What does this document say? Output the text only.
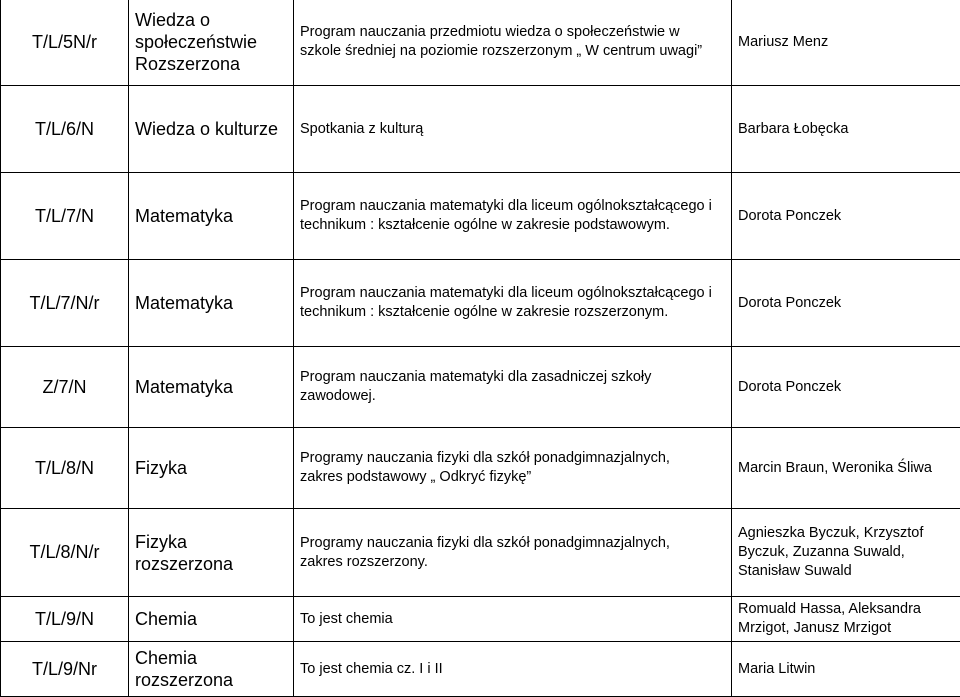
T/L/5N/r	Wiedza o społeczeństwie Rozszerzona	Program nauczania przedmiotu wiedza o społeczeństwie w szkole średniej na poziomie rozszerzonym „ W centrum uwagi”	Mariusz Menz
T/L/6/N	Wiedza o kulturze	Spotkania z kulturą	Barbara Łobęcka
T/L/7/N	Matematyka	Program nauczania matematyki dla liceum ogólnokształcącego i technikum : kształcenie ogólne w zakresie podstawowym.	Dorota Ponczek
T/L/7/N/r	Matematyka	Program nauczania matematyki dla liceum ogólnokształcącego i technikum : kształcenie ogólne w zakresie rozszerzonym.	Dorota Ponczek
Z/7/N	Matematyka	Program nauczania matematyki dla zasadniczej szkoły zawodowej.	Dorota Ponczek
T/L/8/N	Fizyka	Programy nauczania fizyki dla szkół ponadgimnazjalnych, zakres podstawowy „ Odkryć fizykę”	Marcin Braun, Weronika Śliwa
T/L/8/N/r	Fizyka rozszerzona	Programy nauczania fizyki dla szkół ponadgimnazjalnych, zakres rozszerzony.	Agnieszka Byczuk, Krzysztof Byczuk, Zuzanna Suwald, Stanisław Suwald

T/L/9/N	Chemia	To jest chemia	Romuald Hassa, Aleksandra Mrzigot, Janusz Mrzigot

T/L/9/Nr	Chemia rozszerzona	To jest chemia cz. I i II	Maria Litwin
